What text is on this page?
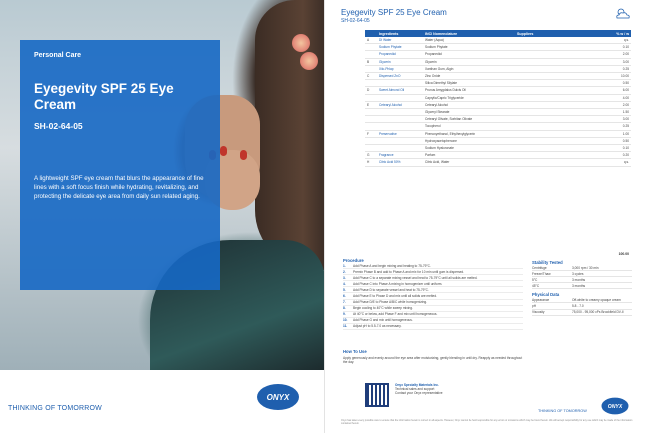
Personal Care
Eyegevity SPF 25 Eye Cream
SH-02-64-05
A lightweight SPF eye cream that blurs the appearance of fine lines with a soft focus finish while hydrating, revitalizing, and protecting the delicate eye area from daily sun related aging.
THINKING OF TOMORROW
ONYX
Eyegevity SPF 25 Eye Cream
SH-02-64-05
Ingredients	INCI Nomenclature	Suppliers	% w / w
A	DI Water	Water (Aqua)	q.s.
Sodium Phytate	Sodium Phytate	0.10
Propanediol	Propanediol	2.00
B	Glycerin	Glycerin	3.00
Xilo-Phlap	Xanthan Gum, Algin	0.25
C	Dispersed ZnO	Zinc Oxide	10.00
Silica Dimethyl Silylate	0.50
D	Sweet Almond Oil	Prunus Amygdalus Dulcis Oil	6.00
Caprylic/Capric Triglyceride	4.00
E	Cetearyl Alcohol	Cetearyl Alcohol	2.00
Glyceryl Stearate	1.50
Cetearyl Olivate, Sorbitan Olivate	3.00
Tocopherol	0.25
F	Preservative	Phenoxyethanol, Ethylhexylglycerin	1.00
Hydroxyacetophenone	0.50
Sodium Hyaluronate	0.10
G	Fragrance	Parfum	0.20
H	Citric Acid 50%	Citric Acid, Water	q.s.
100.00
Procedure
1.	Add Phase A and begin mixing and heating to 75-79°C.
2.	Premix Phase B and add to Phase A and mix for 10 min until gum is dispersed.
3.	Add Phase C to a separate mixing vessel and heat to 75-79°C until all solids are melted.
4.	Add Phase C into Phase A mixing in homogenizer until uniform.
5.	Add Phase D to separate vessel and heat to 75-79°C.
6.	Add Phase E to Phase D and mix until all solids are melted.
7.	Add Phase D/E to Phase A/B/C while homogenizing.
8.	Begin cooling to 40°C while sweep mixing.
9.	At 40°C or below, add Phase F and mix until homogeneous.
10.	Add Phase G and mix until homogeneous.
11.	Adjust pH to 5.5-7.0 as necessary.
How To Use
Apply generously and evenly around the eye area after moisturizing, gently blending in until dry. Reapply as needed throughout the day.
Stability Tested
Centrifuge	3,000 rpm / 30 min
Freeze/Thaw	3 cycles
5°C	3 months
45°C	3 months
Physical Data
Appearance	Off-white to creamy opaque cream
pH	5.8 - 7.0
Viscosity	75,000 - 95,000 cPs Brookfield DV-II
Onyx Specialty Materials Inc.
Technical sales and support
Contact your Onyx representative
THINKING OF TOMORROW
ONYX
Onyx has taken every possible care to ensure that the information herein is correct in all aspects. However, Onyx cannot be held responsible for any errors or omissions which may be found herein. We will accept responsibility for any use which may be made of the information contained herein.
